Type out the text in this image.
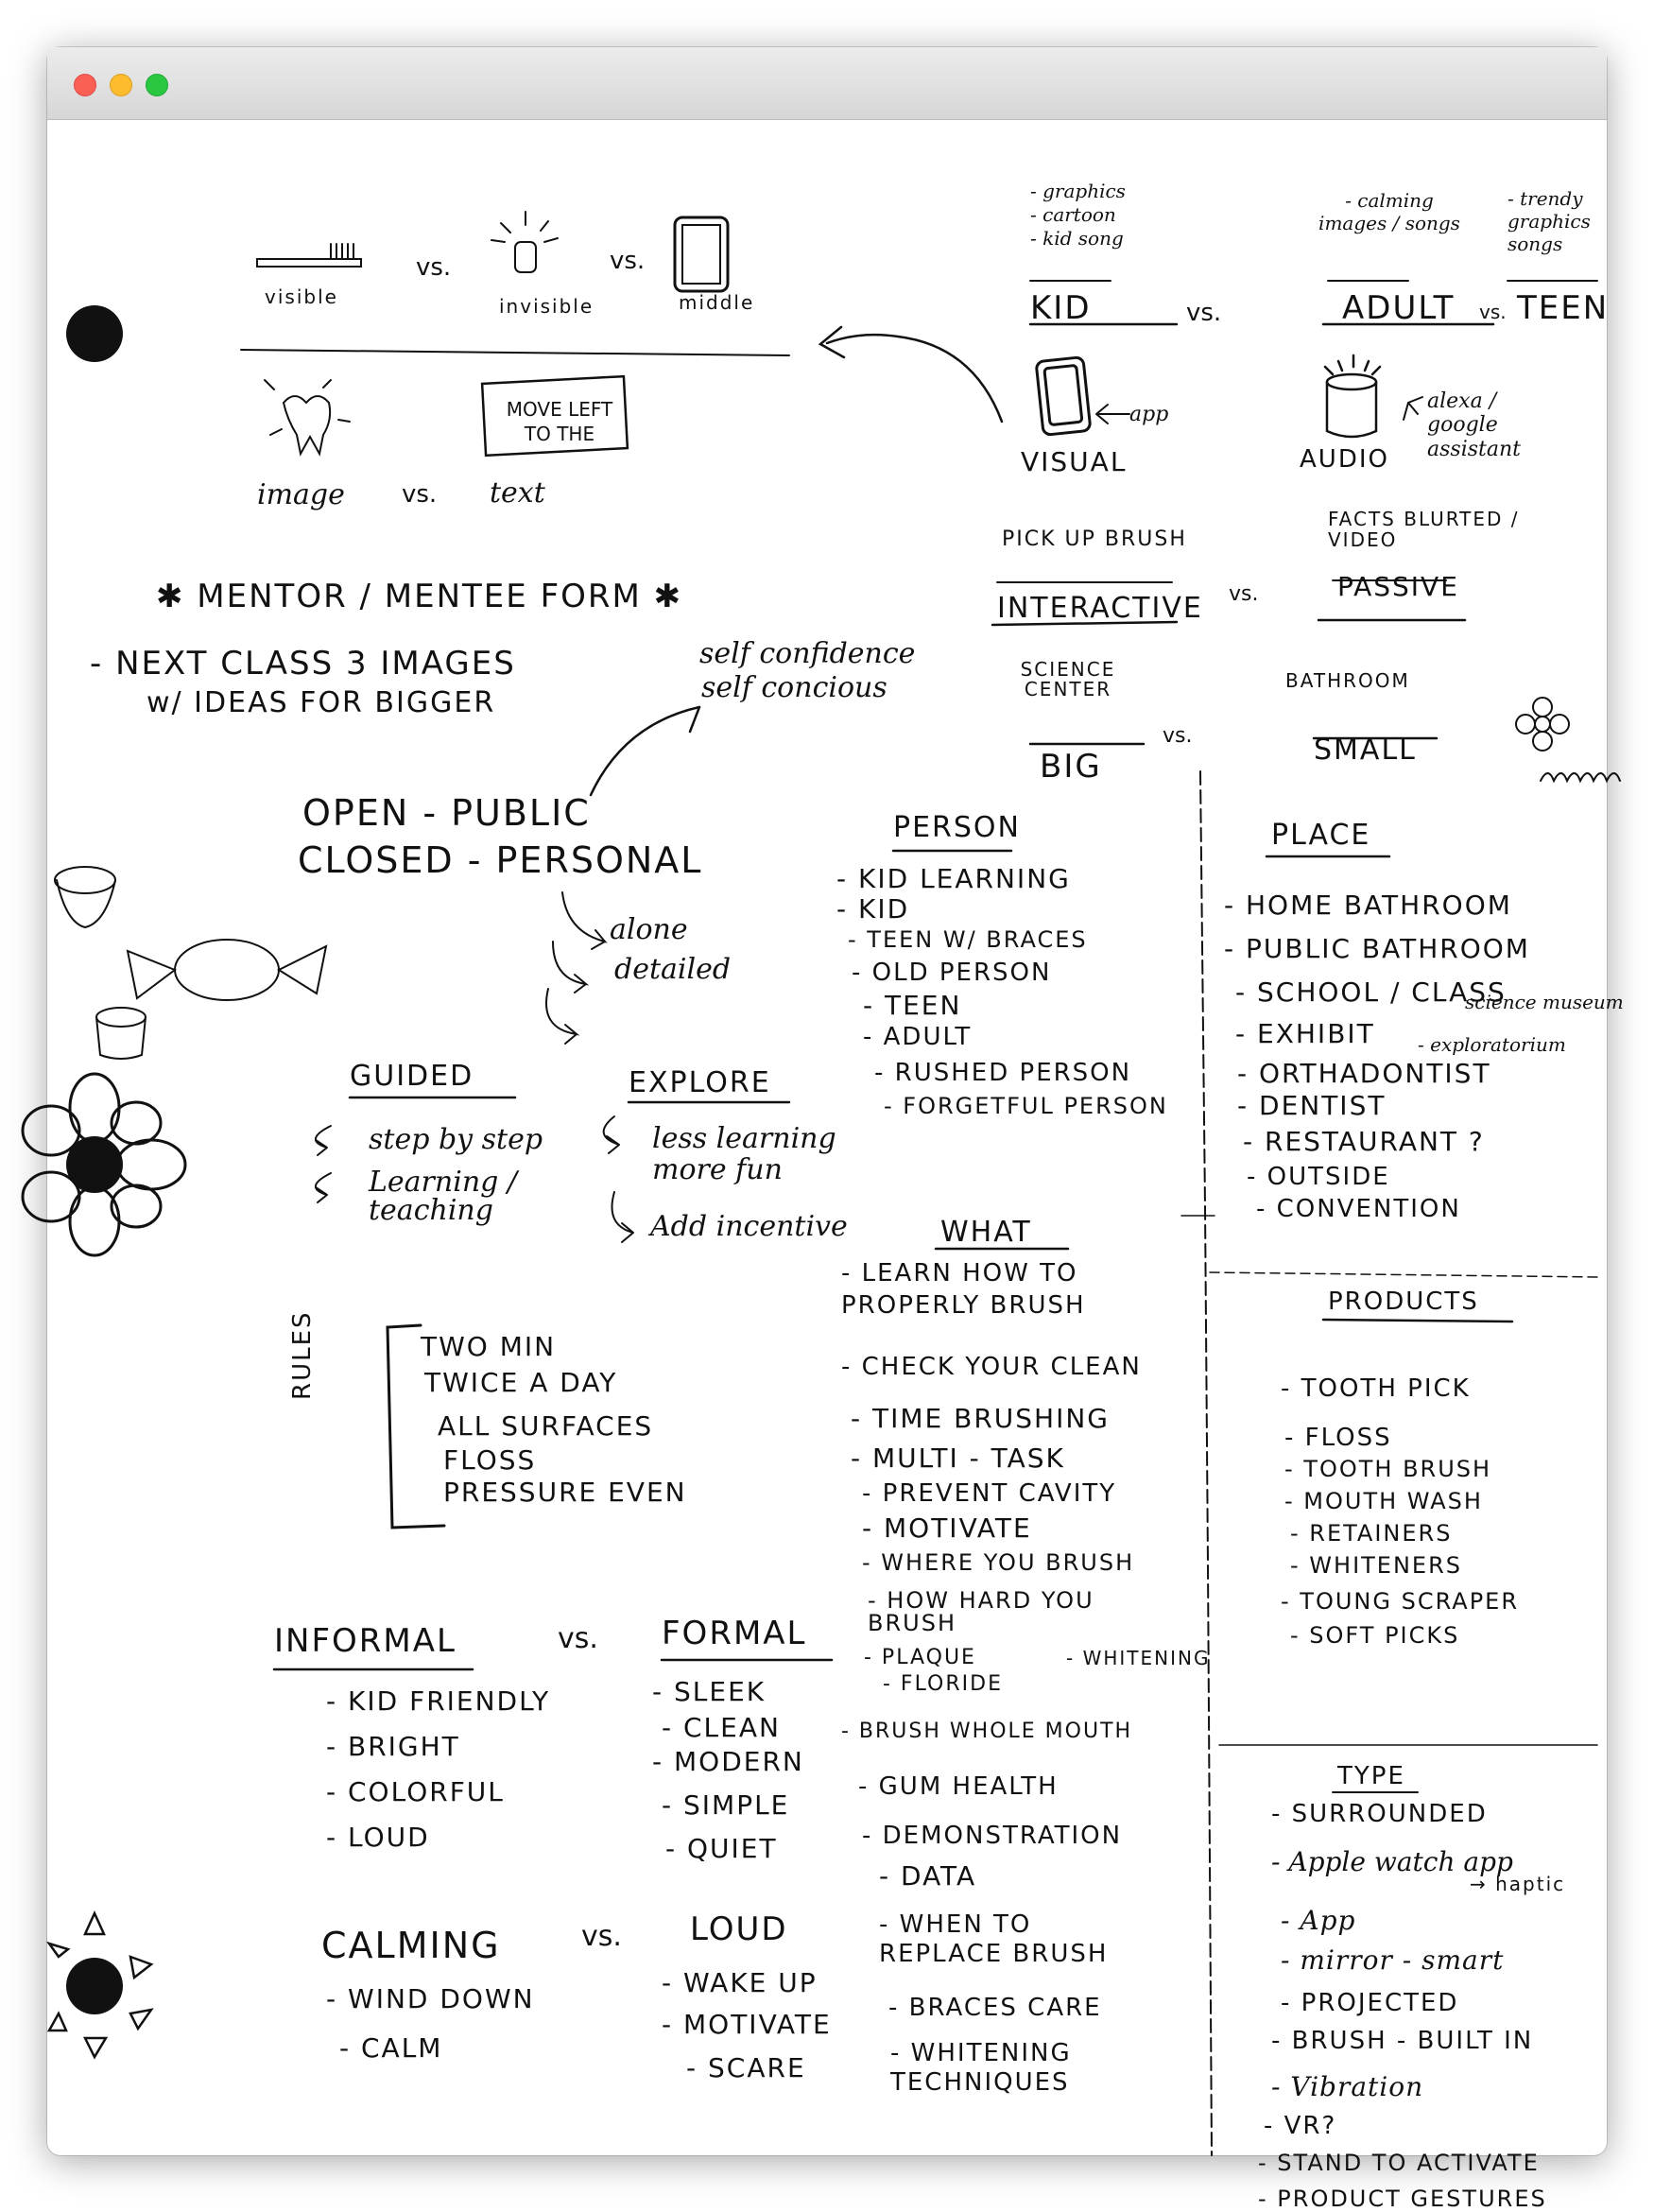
visible
vs.
invisible
vs.
middle
MOVE LEFT TO THE
image vs. text
- graphics
- cartoon
- kid song
- calming images / songs
- trendy graphics songs
KID	vs.	ADULT vs. TEEN
app
VISUAL	AUDIO
alexa / google assistant
PICK UP BRUSH
INTERACTIVE vs.
FACTS BLURTED / VIDEO
PASSIVE
✱ MENTOR / MENTEE FORM ✱
- NEXT CLASS 3 IMAGES
w/ IDEAS FOR BIGGER
self confidence
self concious
SCIENCE CENTER
BIG
vs.
BATHROOM
SMALL
OPEN - PUBLIC
CLOSED - PERSONAL
alone
detailed
PERSON
- KID LEARNING
- KID
- TEEN W/ BRACES
- OLD PERSON
- TEEN
- ADULT
- RUSHED PERSON
- FORGETFUL PERSON
PLACE
- HOME BATHROOM
- PUBLIC BATHROOM
- SCHOOL / CLASS
- EXHIBIT
- ORTHADONTIST
- DENTIST
- RESTAURANT ?
- OUTSIDE
- CONVENTION
science museum
- exploratorium
GUIDED
step by step
Learning / teaching
EXPLORE
less learning more fun
Add incentive	WHAT
- LEARN HOW TO PROPERLY BRUSH
- CHECK YOUR CLEAN
- TIME BRUSHING
- MULTI - TASK
- PREVENT CAVITY
- MOTIVATE
- WHERE YOU BRUSH
- HOW HARD YOU BRUSH
- PLAQUE
- FLORIDE
- BRUSH WHOLE MOUTH
- GUM HEALTH
- DEMONSTRATION
- DATA
- WHEN TO REPLACE BRUSH
- BRACES CARE
- WHITENING TECHNIQUES
- WHITENING
PRODUCTS
- TOOTH PICK
- FLOSS
- TOOTH BRUSH
- MOUTH WASH
- RETAINERS
- WHITENERS
- TOUNG SCRAPER
- SOFT PICKS
RULES	TWO MIN
TWICE A DAY
ALL SURFACES
FLOSS
PRESSURE EVEN
INFORMAL	vs. FORMAL
- KID FRIENDLY
- BRIGHT
- COLORFUL
- LOUD
- SLEEK
- CLEAN
- MODERN
- SIMPLE
- QUIET
CALMING	vs. LOUD
- WIND DOWN
- CALM
- WAKE UP
- MOTIVATE
- SCARE
TYPE
- SURROUNDED
- Apple watch app
- App
- mirror - smart
- PROJECTED
- BRUSH - BUILT IN
- Vibration
- VR?
- STAND TO ACTIVATE
- PRODUCT GESTURES
→ haptic
